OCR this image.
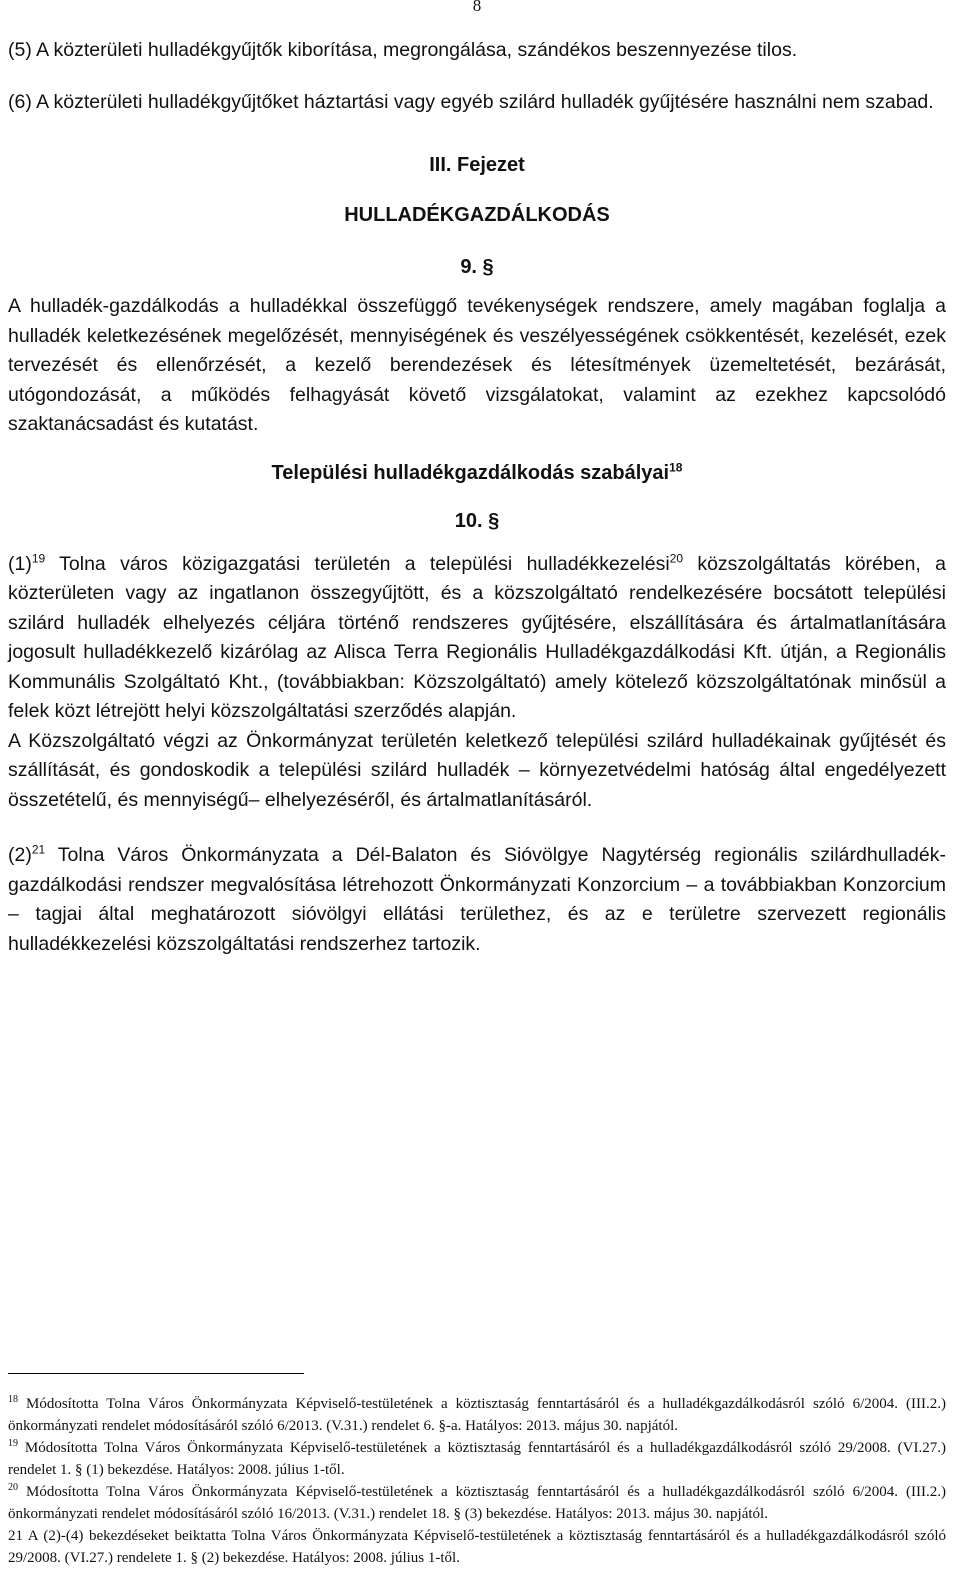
8

(5) A közterületi hulladékgyűjtők kiborítása, megrongálása, szándékos beszennyezése tilos.

(6) A közterületi hulladékgyűjtőket háztartási vagy egyéb szilárd hulladék gyűjtésére használni nem szabad.

III. Fejezet
HULLADÉKGAZDÁLKODÁS
9. §

A hulladék-gazdálkodás a hulladékkal összefüggő tevékenységek rendszere, amely magában foglalja a hulladék keletkezésének megelőzését, mennyiségének és veszélyességének csökkentését, kezelését, ezek tervezését és ellenőrzését, a kezelő berendezések és létesítmények üzemeltetését, bezárását, utógondozását, a működés felhagyását követő vizsgálatokat, valamint az ezekhez kapcsolódó szaktanácsadást és kutatást.

Települési hulladékgazdálkodás szabályai$^{18}$
10. §

$(1)^{19}$ Tolna város közigazgatási területén a települési hulladékkezelési$^{20}$ közszolgáltatás körében, a közterületen vagy az ingatlanon összegyűjtött, és a közszolgáltató rendelkezésére bocsátott települési szilárd hulladék elhelyezés céljára történő rendszeres gyűjtésére, elszállítására és ártalmatlanítására jogosult hulladékkezelő kizárólag az Alisca Terra Regionális Hulladékgazdálkodási Kft. útján, a Regionális Kommunális Szolgáltató Kht., (továbbiakban: Közszolgáltató) amely kötelező közszolgáltatónak minősül a felek közt létrejött helyi közszolgáltatási szerződés alapján.

A Közszolgáltató végzi az Önkormányzat területén keletkező települési szilárd hulladékainak gyűjtését és szállítását, és gondoskodik a települési szilárd hulladék – környezetvédelmi hatóság által engedélyezett összetételű, és mennyiségű– elhelyezéséről, és ártalmatlanításáról.

$(2)^{21}$ Tolna Város Önkormányzata a Dél-Balaton és Sióvölgye Nagytérség regionális szilárdhulladék-gazdálkodási rendszer megvalósítása létrehozott Önkormányzati Konzorcium – a továbbiakban Konzorcium – tagjai által meghatározott sióvölgyi ellátási területhez, és az e területre szervezett regionális hulladékkezelési közszolgáltatási rendszerhez tartozik.

$^{18}$ Módosította Tolna Város Önkormányzata Képviselő-testületének a köztisztaság fenntartásáról és a hulladékgazdálkodásról szóló 6/2004. (III.2.) önkormányzati rendelet módosításáról szóló 6/2013. (V.31.) rendelet 6. §-a. Hatályos: 2013. május 30. napjától.

$^{19}$ Módosította Tolna Város Önkormányzata Képviselő-testületének a köztisztaság fenntartásáról és a hulladékgazdálkodásról szóló 29/2008. (VI.27.) rendelet 1. § (1) bekezdése. Hatályos: 2008. július 1-től.

$^{20}$ Módosította Tolna Város Önkormányzata Képviselő-testületének a köztisztaság fenntartásáról és a hulladékgazdálkodásról szóló 6/2004. (III.2.) önkormányzati rendelet módosításáról szóló 16/2013. (V.31.) rendelet 18. § (3) bekezdése. Hatályos: 2013. május 30. napjától.

21 A (2)-(4) bekezdéseket beiktatta Tolna Város Önkormányzata Képviselő-testületének a köztisztaság fenntartásáról és a hulladékgazdálkodásról szóló 29/2008. (VI.27.) rendelete 1. § (2) bekezdése. Hatályos: 2008. július 1-től.
